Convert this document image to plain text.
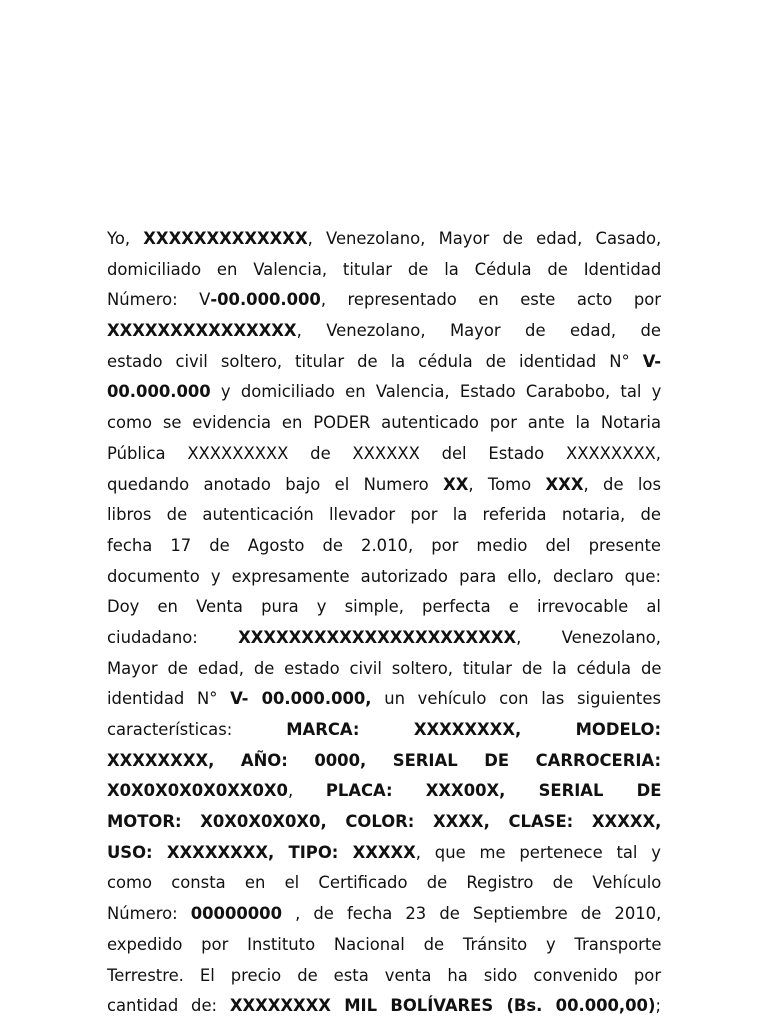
Yo, XXXXXXXXXXXXX, Venezolano, Mayor de edad, Casado,
domiciliado en Valencia, titular de la Cédula de Identidad
Número: V-00.000.000, representado en este acto por
XXXXXXXXXXXXXXX, Venezolano, Mayor de edad, de
estado civil soltero, titular de la cédula de identidad N° V-
00.000.000 y domiciliado en Valencia, Estado Carabobo, tal y
como se evidencia en PODER autenticado por ante la Notaria
Pública XXXXXXXXX de XXXXXX del Estado XXXXXXXX,
quedando anotado bajo el Numero XX, Tomo XXX, de los
libros de autenticación llevador por la referida notaria, de
fecha 17 de Agosto de 2.010, por medio del presente
documento y expresamente autorizado para ello, declaro que:
Doy en Venta pura y simple, perfecta e irrevocable al
ciudadano: XXXXXXXXXXXXXXXXXXXXXX, Venezolano,
Mayor de edad, de estado civil soltero, titular de la cédula de
identidad N° V- 00.000.000, un vehículo con las siguientes
características: MARCA: XXXXXXXX, MODELO:
XXXXXXXX, AÑO: 0000, SERIAL DE CARROCERIA:
X0X0X0X0X0XX0X0, PLACA: XXX00X, SERIAL DE
MOTOR: X0X0X0X0X0, COLOR: XXXX, CLASE: XXXXX,
USO: XXXXXXXX, TIPO: XXXXX, que me pertenece tal y
como consta en el Certificado de Registro de Vehículo
Número: 00000000 , de fecha 23 de Septiembre de 2010,
expedido por Instituto Nacional de Tránsito y Transporte
Terrestre. El precio de esta venta ha sido convenido por
cantidad de: XXXXXXXX MIL BOLÍVARES (Bs. 00.000,00);
